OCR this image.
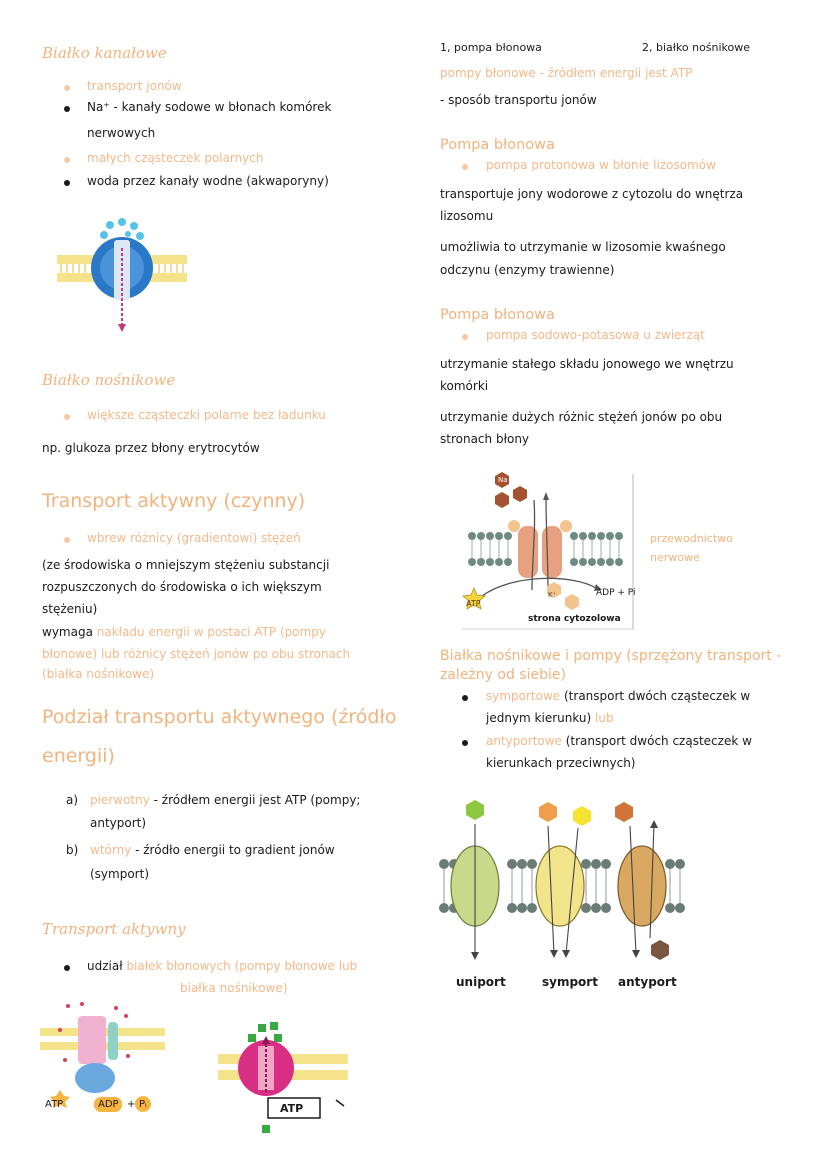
Białko kanałowe
transport jonów
Na⁺ - kanały sodowe w błonach komórek
nerwowych
małych cząsteczek polarnych
woda przez kanały wodne (akwaporyny)
Białko nośnikowe
większe cząsteczki polarne bez ładunku
np. glukoza przez błony erytrocytów
Transport aktywny (czynny)
wbrew różnicy (gradientowi) stężeń
(ze środowiska o mniejszym stężeniu substancji
rozpuszczonych do środowiska o ich większym
stężeniu)
wymaga nakładu energii w postaci ATP (pompy
błonowe) lub różnicy stężeń jonów po obu stronach
(białka nośnikowe)
Podział transportu aktywnego (źródło
energii)
a) pierwotny - źródłem energii jest ATP (pompy;
antyport)
b) wtórny - źródło energii to gradient jonów
(symport)
Transport aktywny
udział białek błonowych (pompy błonowe lub
białka nośnikowe)
ATP	ADP + Pᵢ	ATP
1, pompa błonowa	2, białko nośnikowe
pompy błonowe - źródłem energii jest ATP
- sposób transportu jonów
Pompa błonowa
pompa protonowa w błonie lizosomów
transportuje jony wodorowe z cytozolu do wnętrza
lizosomu
umożliwia to utrzymanie w lizosomie kwaśnego
odczynu (enzymy trawienne)
Pompa błonowa
pompa sodowo-potasowa u zwierząt
utrzymanie stałego składu jonowego we wnętrzu
komórki
utrzymanie dużych różnic stężeń jonów po obu
stronach błony
Na
K⁺
ATP
ADP + Pi
strona cytozolowa
przewodnictwo
nerwowe
Białka nośnikowe i pompy (sprzężony transport -
zależny od siebie)
symportowe (transport dwóch cząsteczek w
jednym kierunku) lub
antyportowe (transport dwóch cząsteczek w
kierunkach przeciwnych)
uniport	symport antyport
